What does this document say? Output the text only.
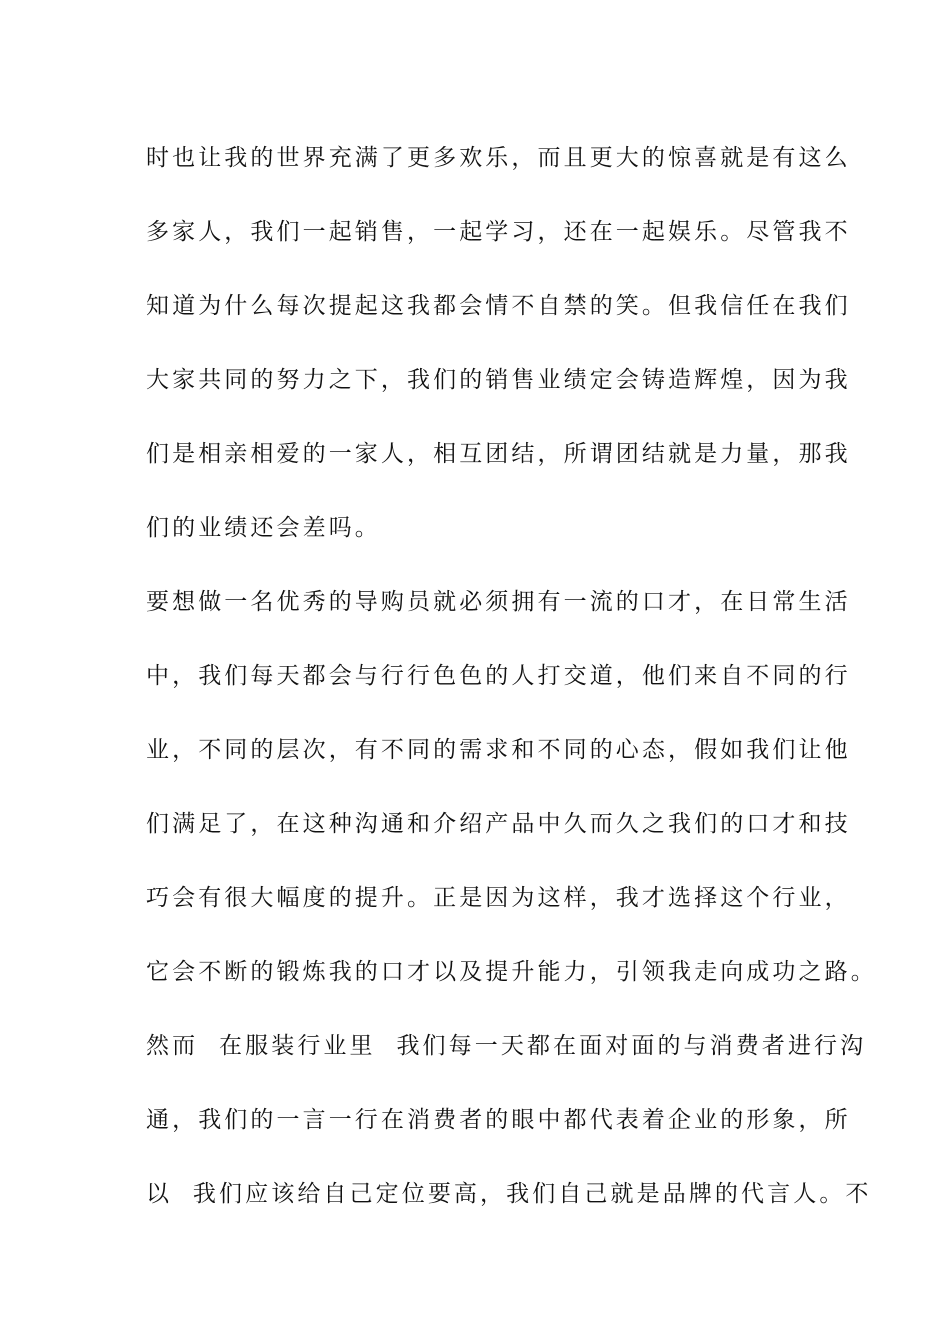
时也让我的世界充满了更多欢乐，而且更大的惊喜就是有这么
多家人，我们一起销售，一起学习，还在一起娱乐。尽管我不
知道为什么每次提起这我都会情不自禁的笑。但我信任在我们
大家共同的努力之下，我们的销售业绩定会铸造辉煌，因为我
们是相亲相爱的一家人，相互团结，所谓团结就是力量，那我
们的业绩还会差吗。
要想做一名优秀的导购员就必须拥有一流的口才，在日常生活
中，我们每天都会与行行色色的人打交道，他们来自不同的行
业，不同的层次，有不同的需求和不同的心态，假如我们让他
们满足了，在这种沟通和介绍产品中久而久之我们的口才和技
巧会有很大幅度的提升。正是因为这样，我才选择这个行业，
它会不断的锻炼我的口才以及提升能力，引领我走向成功之路。
然而  在服装行业里  我们每一天都在面对面的与消费者进行沟
通，我们的一言一行在消费者的眼中都代表着企业的形象，所
以  我们应该给自己定位要高，我们自己就是品牌的代言人。不
